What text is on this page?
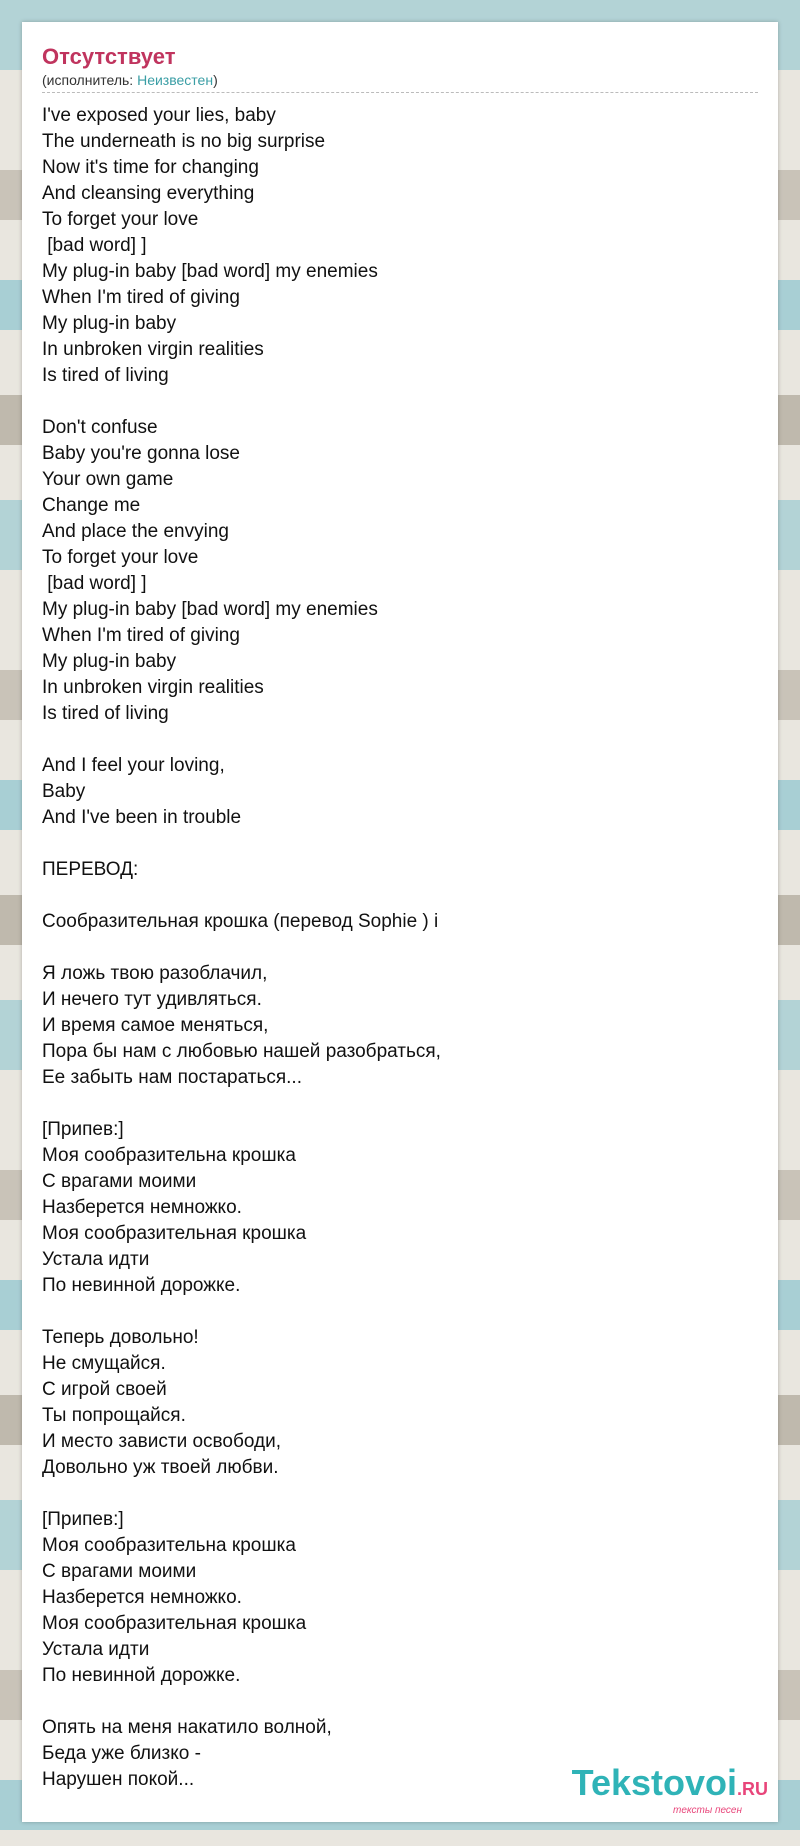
Отсутствует
(исполнитель: Неизвестен)
I've exposed your lies, baby
The underneath is no big surprise
Now it's time for changing
And cleansing everything
To forget your love
[bad word] ]
My plug-in baby [bad word] my enemies
When I'm tired of giving
My plug-in baby
In unbroken virgin realities
Is tired of living
Don't confuse
Baby you're gonna lose
Your own game
Change me
And place the envying
To forget your love
[bad word] ]
My plug-in baby [bad word] my enemies
When I'm tired of giving
My plug-in baby
In unbroken virgin realities
Is tired of living
And I feel your loving,
Baby
And I've been in trouble
ПЕРЕВОД:
Сообразительная крошка (перевод Sophie ) i
Я ложь твою разоблачил,
И нечего тут удивляться.
И время самое меняться,
Пора бы нам с любовью нашей разобраться,
Ее забыть нам постараться...
[Припев:]
Моя сообразительна крошка
С врагами моими
Назберется немножко.
Моя сообразительная крошка
Устала идти
По невинной дорожке.
Теперь довольно!
Не смущайся.
С игрой своей
Ты попрощайся.
И место зависти освободи,
Довольно уж твоей любви.
[Припев:]
Моя сообразительна крошка
С врагами моими
Назберется немножко.
Моя сообразительная крошка
Устала идти
По невинной дорожке.
Опять на меня накатило волной,
Беда уже близко -
Нарушен покой...	Tekstovoi.RU
тексты песен
